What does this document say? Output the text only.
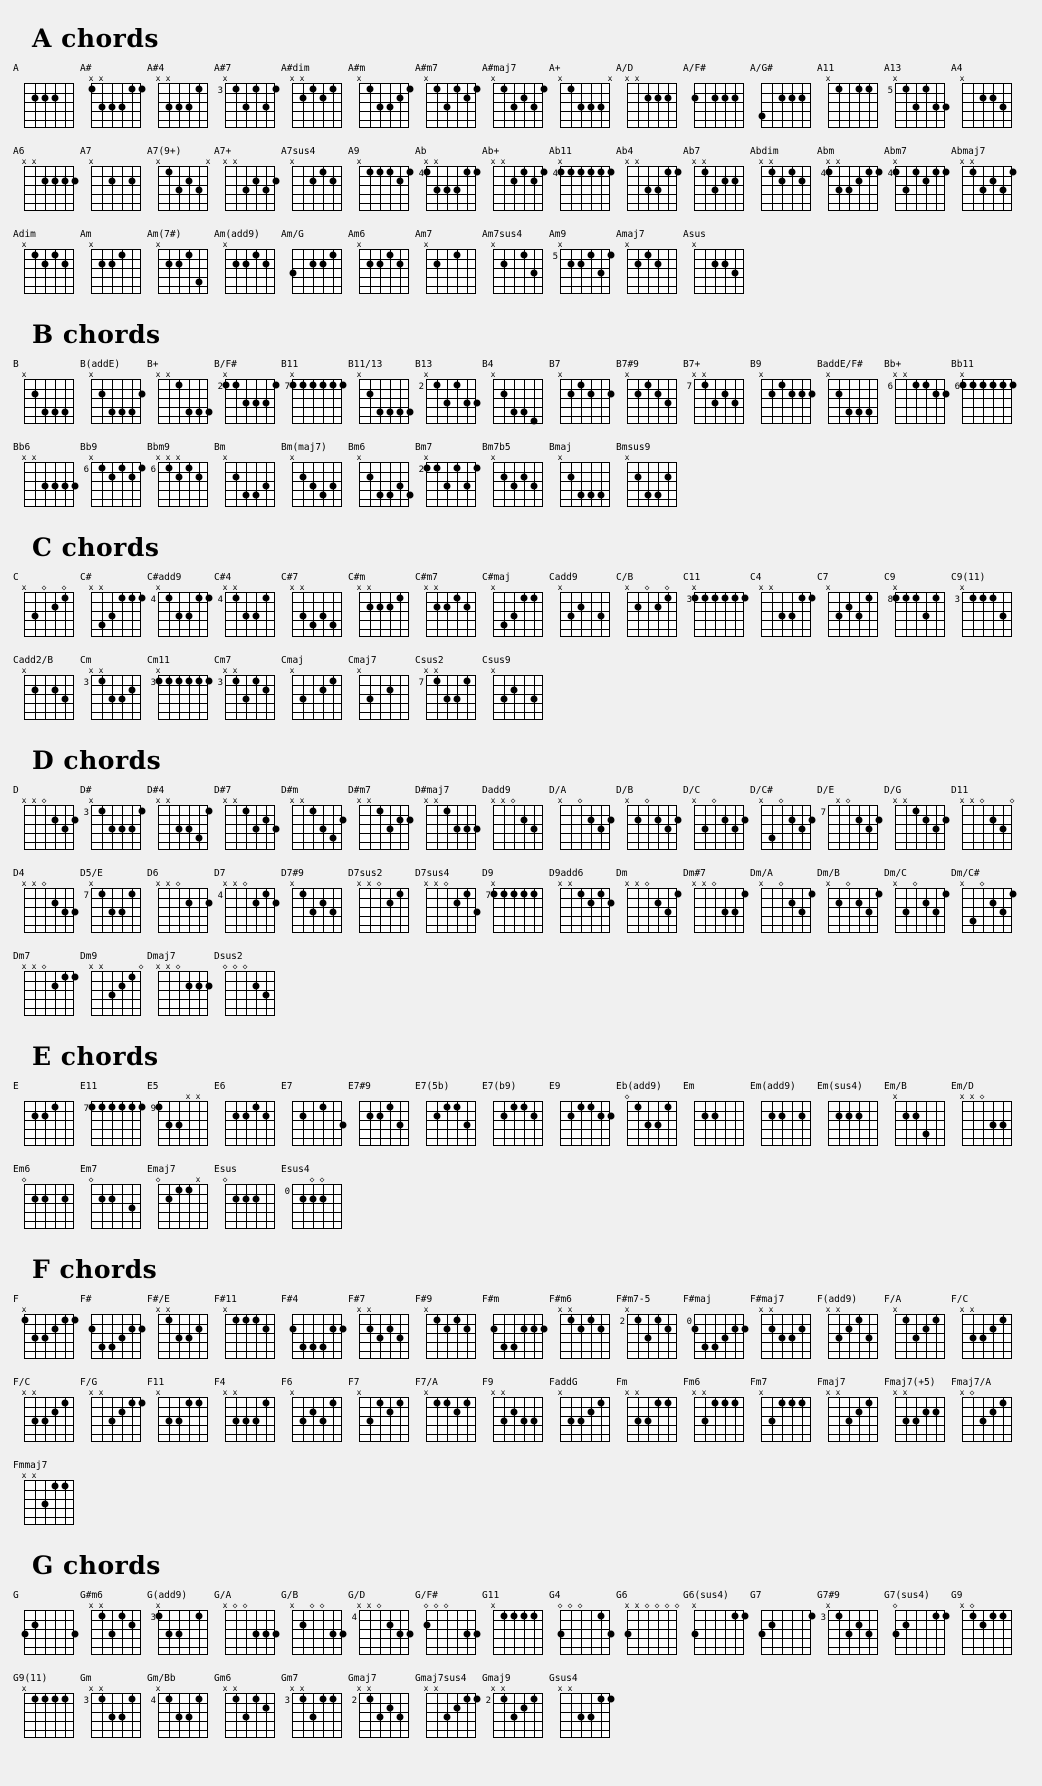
A chords
A	A#
x x
A#4
x x
A#7
3
x
A#dim
x x
A#m
x
A#m7
x
A#maj7
x
A+
x	x
A/D
x x
A/F#	A/G#	A11
x
A13
5
x
A4
x
A6
x x
A7
x
A7(9+)
x	x
A7+
x x
A7sus4
x
A9
x
Ab
4
x x
Ab+
x x
Ab11
4
x
Ab4
x x
Ab7
x x
Abdim
x x
Abm
4
x x
Abm7
4
x
Abmaj7
x x
Adim
x
Am
x
Am(7#)
x
Am(add9)
x
Am/G	Am6
x
Am7
x
Am7sus4
x
Am9
5
x
Amaj7
x
Asus
x
B chords
B
x
B(addE)
x
B+
x x
B/F#
2
x
B11
7
x
B11/13
x
B13
2
x
B4
x
B7
x
B7#9
x
B7+
7
x x
B9
x
BaddE/F#
x
Bb+
6
x x
Bb11
6
x
Bb6
x x
Bb9
6
x
Bbm9
6
x x x
Bm
x
Bm(maj7)
x
Bm6
x
Bm7
2
x
Bm7b5
x
Bmaj
x
Bmsus9
x
C chords
C
x ◇ ◇
C#
x x
C#add9
4
x
C#4
4
x x
C#7
x x
C#m
x x
C#m7
x x
C#maj
x
Cadd9
x
C/B
x ◇ ◇
C11
3
x
C4
x x
C7
x
C9
8
x
C9(11)
3
x
Cadd2/B
x
Cm
3
x x
Cm11
3
x
Cm7
3
x x
Cmaj
x
Cmaj7
x
Csus2
7
x x
Csus9
x
D chords
D
x x ◇
D#
3
x
D#4
x x
D#7
x x
D#m
x x
D#m7
x x
D#maj7
x x
Dadd9
x x ◇
D/A
x ◇
D/B
x ◇
D/C
x ◇
D/C#
x ◇
D/E
7
x ◇
D/G
x x
D11
x x ◇	◇
D4
x x ◇
D5/E
7
x
D6
x x ◇
D7
4
x x ◇
D7#9
x
D7sus2
x x ◇
D7sus4
x x ◇
D9
7
x
D9add6
x x
Dm
x x ◇
Dm#7
x x ◇
Dm/A
x ◇
Dm/B
x ◇
Dm/C
x ◇
Dm/C#
x ◇
Dm7
x x ◇
Dm9
x x	◇
Dmaj7
x x ◇
Dsus2
◇ ◇ ◇
E chords
E	E11
7
E5
9
x x
E6	E7	E7#9	E7(5b)	E7(b9)	E9	Eb(add9)
◇
Em	Em(add9)	Em(sus4)	Em/B
x
Em/D
x x ◇
Em6
◇
Em7
◇
Emaj7
◇	x
Esus
◇
Esus4
0
◇ ◇
F chords
F
x
F#	F#/E
x x
F#11
x
F#4	F#7
x x
F#9
x
F#m	F#m6
x x
F#m7-5
2
x
F#maj
0
F#maj7
x x
F(add9)
x x
F/A
x
F/C
x x
F/C
x x
F/G
x x
F11
x
F4
x x
F6
x
F7
x
F7/A
x
F9
x x
FaddG
x
Fm
x x
Fm6
x x
Fm7
x
Fmaj7
x x
Fmaj7(+5)
x x
Fmaj7/A
x ◇
Fmmaj7
x x
G chords
G	G#m6
x x
G(add9)
3
x
G/A
x ◇ ◇
G/B
x ◇ ◇
G/D
4
x x ◇
G/F#
◇ ◇ ◇
G11
x
G4
◇ ◇ ◇
G6
x x ◇ ◇ ◇ ◇
G6(sus4)
x
G7	G7#9
3
x
G7(sus4)
◇
G9
x ◇
G9(11)
x
Gm
3
x x
Gm/Bb
4
x
Gm6
x x
Gm7
3
x x
Gmaj7
2
x x
Gmaj7sus4
x x
Gmaj9
2
x x
Gsus4
x x
